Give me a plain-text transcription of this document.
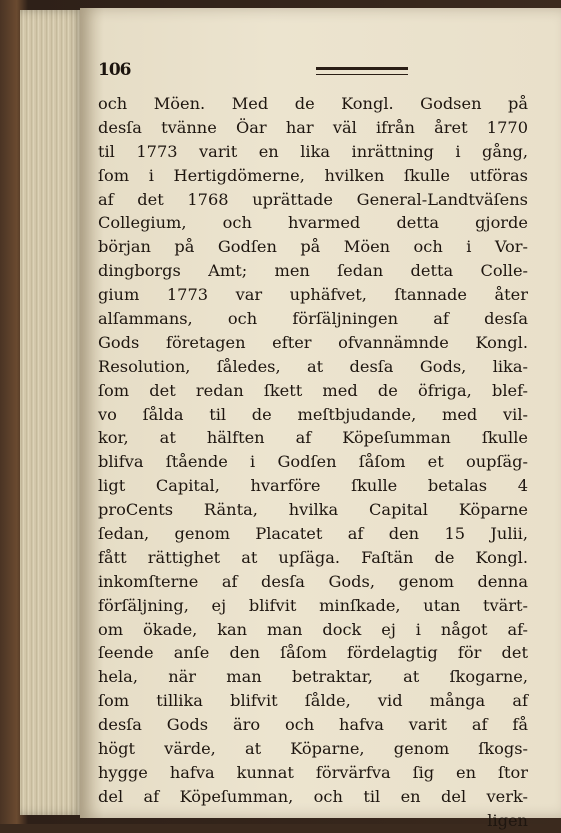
106
och Möen. Med de Kongl. Godsen på
desſa tvänne Öar har väl ifrån året 1770
til 1773 varit en lika inrättning i gång,
ſom i Hertigdömerne, hvilken ſkulle utföras
af det 1768 uprättade General-Landtväſens
Collegium, och hvarmed detta gjorde
början på Godſen på Möen och i Vor-
dingborgs Amt; men ſedan detta Colle-
gium 1773 var uphäfvet, ſtannade åter
alſammans, och förſäljningen af desſa
Gods företagen efter ofvannämnde Kongl.
Resolution, ſåledes, at desſa Gods, lika-
ſom det redan ſkett med de öfriga, blef-
vo ſålda til de meſtbjudande, med vil-
kor, at hälften af Köpeſumman ſkulle
blifva ſtående i Godſen ſåſom et oupſäg-
ligt Capital, hvarföre ſkulle betalas 4
proCents Ränta, hvilka Capital Köparne
ſedan, genom Placatet af den 15 Julii,
fått rättighet at upſäga. Faſtän de Kongl.
inkomſterne af desſa Gods, genom denna
förſäljning, ej blifvit minſkade, utan tvärt-
om ökade, kan man dock ej i något af-
ſeende anſe den ſåſom fördelagtig för det
hela, när man betraktar, at ſkogarne,
ſom tillika blifvit ſålde, vid många af
desſa Gods äro och hafva varit af få
högt värde, at Köparne, genom ſkogs-
hygge hafva kunnat förvärfva ſig en ſtor
del af Köpeſumman, och til en del verk-
ligen
